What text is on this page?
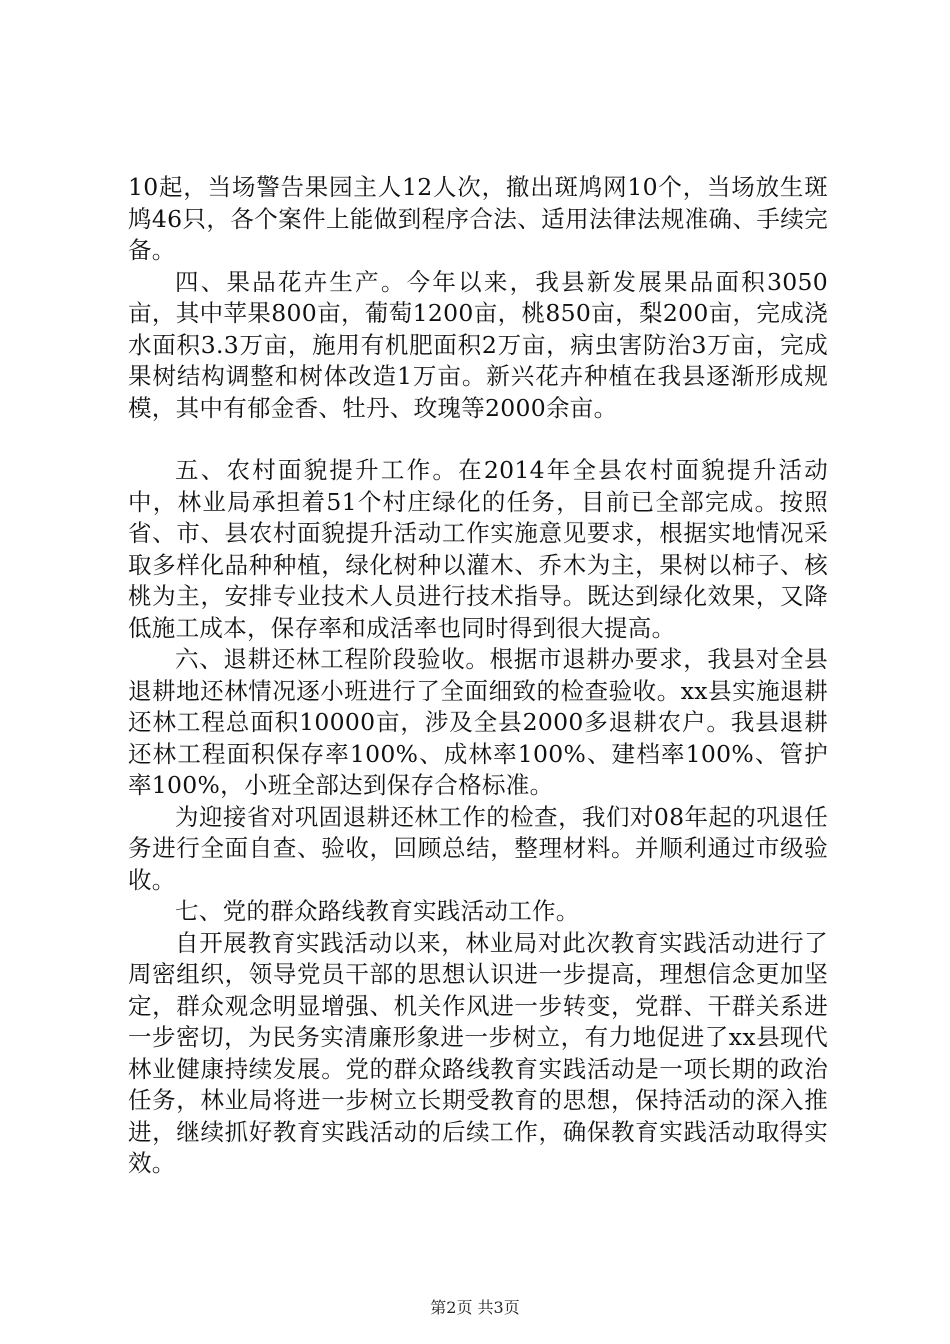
10起，当场警告果园主人12人次，撤出斑鸠网10个，当场放生斑鸠46只，各个案件上能做到程序合法、适用法律法规准确、手续完备。

四、果品花卉生产。今年以来，我县新发展果品面积3050亩，其中苹果800亩，葡萄1200亩，桃850亩，梨200亩，完成浇水面积3.3万亩，施用有机肥面积2万亩，病虫害防治3万亩，完成果树结构调整和树体改造1万亩。新兴花卉种植在我县逐渐形成规模，其中有郁金香、牡丹、玫瑰等2000余亩。

五、农村面貌提升工作。在2014年全县农村面貌提升活动中，林业局承担着51个村庄绿化的任务，目前已全部完成。按照省、市、县农村面貌提升活动工作实施意见要求，根据实地情况采取多样化品种种植，绿化树种以灌木、乔木为主，果树以柿子、核桃为主，安排专业技术人员进行技术指导。既达到绿化效果，又降低施工成本，保存率和成活率也同时得到很大提高。

六、退耕还林工程阶段验收。根据市退耕办要求，我县对全县退耕地还林情况逐小班进行了全面细致的检查验收。xx县实施退耕还林工程总面积10000亩，涉及全县2000多退耕农户。我县退耕还林工程面积保存率100%、成林率100%、建档率100%、管护率100%，小班全部达到保存合格标准。

为迎接省对巩固退耕还林工作的检查，我们对08年起的巩退任务进行全面自查、验收，回顾总结，整理材料。并顺利通过市级验收。

七、党的群众路线教育实践活动工作。

自开展教育实践活动以来，林业局对此次教育实践活动进行了周密组织，领导党员干部的思想认识进一步提高，理想信念更加坚定，群众观念明显增强、机关作风进一步转变，党群、干群关系进一步密切，为民务实清廉形象进一步树立，有力地促进了xx县现代林业健康持续发展。党的群众路线教育实践活动是一项长期的政治任务，林业局将进一步树立长期受教育的思想，保持活动的深入推进，继续抓好教育实践活动的后续工作，确保教育实践活动取得实效。

第2页 共3页
